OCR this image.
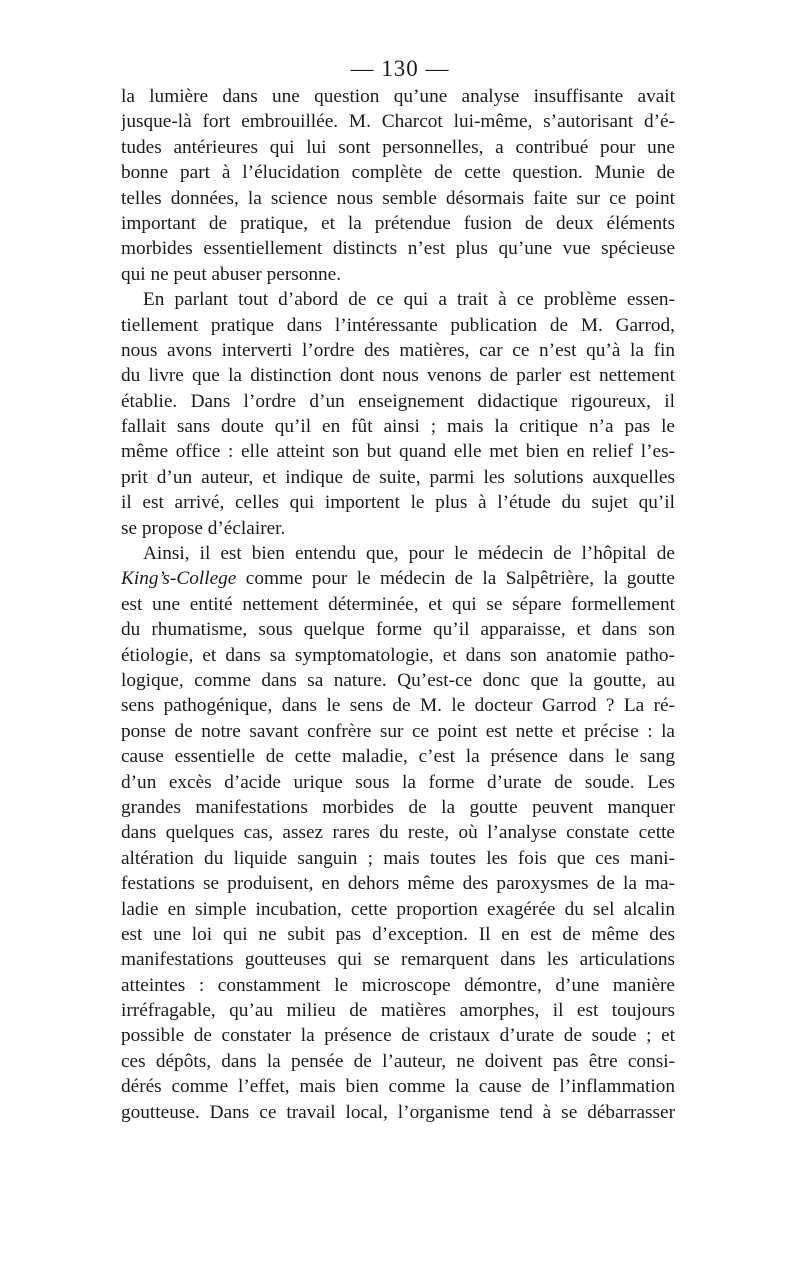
— 130 —
la lumière dans une question qu’une analyse insuffisante avait
jusque-là fort embrouillée. M. Charcot lui-même, s’autorisant d’é-
tudes antérieures qui lui sont personnelles, a contribué pour une
bonne part à l’élucidation complète de cette question. Munie de
telles données, la science nous semble désormais faite sur ce point
important de pratique, et la prétendue fusion de deux éléments
morbides essentiellement distincts n’est plus qu’une vue spécieuse
qui ne peut abuser personne.
En parlant tout d’abord de ce qui a trait à ce problème essen-
tiellement pratique dans l’intéressante publication de M. Garrod,
nous avons interverti l’ordre des matières, car ce n’est qu’à la fin
du livre que la distinction dont nous venons de parler est nettement
établie. Dans l’ordre d’un enseignement didactique rigoureux, il
fallait sans doute qu’il en fût ainsi ; mais la critique n’a pas le
même office : elle atteint son but quand elle met bien en relief l’es-
prit d’un auteur, et indique de suite, parmi les solutions auxquelles
il est arrivé, celles qui importent le plus à l’étude du sujet qu’il
se propose d’éclairer.
Ainsi, il est bien entendu que, pour le médecin de l’hôpital de
King’s-College comme pour le médecin de la Salpêtrière, la goutte
est une entité nettement déterminée, et qui se sépare formellement
du rhumatisme, sous quelque forme qu’il apparaisse, et dans son
étiologie, et dans sa symptomatologie, et dans son anatomie patho-
logique, comme dans sa nature. Qu’est-ce donc que la goutte, au
sens pathogénique, dans le sens de M. le docteur Garrod ? La ré-
ponse de notre savant confrère sur ce point est nette et précise : la
cause essentielle de cette maladie, c’est la présence dans le sang
d’un excès d’acide urique sous la forme d’urate de soude. Les
grandes manifestations morbides de la goutte peuvent manquer
dans quelques cas, assez rares du reste, où l’analyse constate cette
altération du liquide sanguin ; mais toutes les fois que ces mani-
festations se produisent, en dehors même des paroxysmes de la ma-
ladie en simple incubation, cette proportion exagérée du sel alcalin
est une loi qui ne subit pas d’exception. Il en est de même des
manifestations goutteuses qui se remarquent dans les articulations
atteintes : constamment le microscope démontre, d’une manière
irréfragable, qu’au milieu de matières amorphes, il est toujours
possible de constater la présence de cristaux d’urate de soude ; et
ces dépôts, dans la pensée de l’auteur, ne doivent pas être consi-
dérés comme l’effet, mais bien comme la cause de l’inflammation
goutteuse. Dans ce travail local, l’organisme tend à se débarrasser
